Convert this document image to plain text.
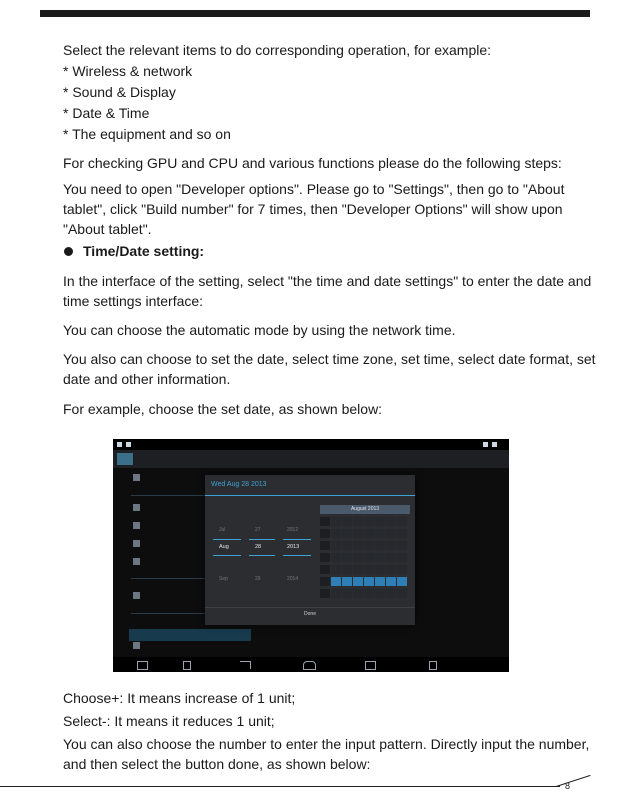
Select the relevant items to do corresponding operation, for example:
* Wireless & network
* Sound & Display
* Date & Time
* The equipment and so on
For checking GPU and CPU and various functions please do the following steps:
You need to open "Developer options". Please go to "Settings", then go to "About tablet", click "Build number" for 7 times, then "Developer Options" will show upon "About tablet".
Time/Date setting:
In the interface of the setting, select "the time and date settings" to enter the date and time settings interface:
You can choose the automatic mode by using the network time.
You also can choose to set the date, select time zone, set time, select date format, set date and other information.
For example, choose the set date, as shown below:
Wed Aug 28 2013
Jul
Aug
Sep
27
28
29
2012
2013
2014
August 2013
Done
Choose+: It means increase of 1 unit;
Select-: It means it reduces 1 unit;
You can also choose the number to enter the input pattern. Directly input the number, and then select the button done, as shown below:
8
